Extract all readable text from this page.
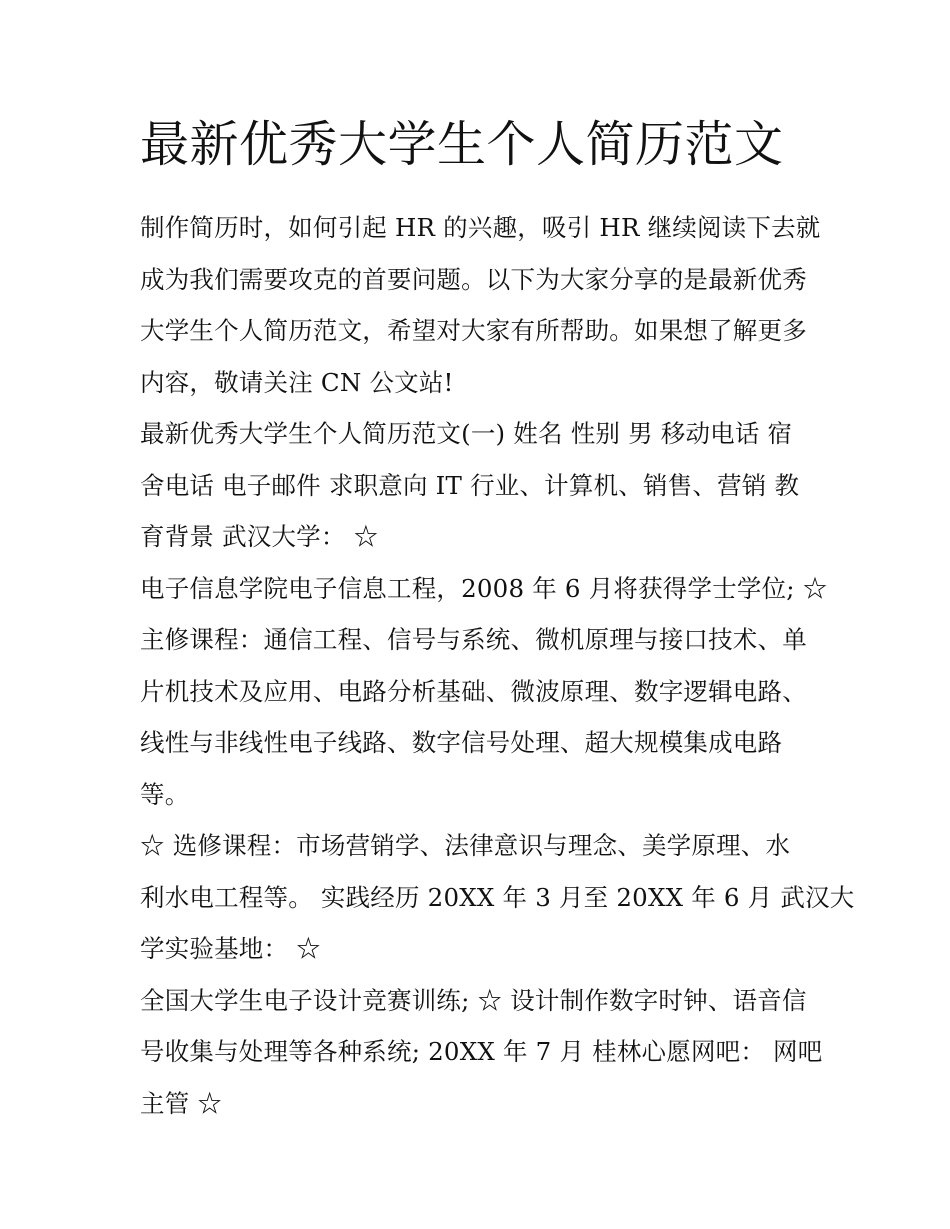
最新优秀大学生个人简历范文

制作简历时，如何引起 HR 的兴趣，吸引 HR 继续阅读下去就
成为我们需要攻克的首要问题。以下为大家分享的是最新优秀
大学生个人简历范文，希望对大家有所帮助。如果想了解更多
内容，敬请关注 CN 公文站!

最新优秀大学生个人简历范文(一) 姓名 性别 男 移动电话 宿
舍电话 电子邮件 求职意向 IT 行业、计算机、销售、营销 教
育背景 武汉大学： ☆

电子信息学院电子信息工程，2008 年 6 月将获得学士学位; ☆
主修课程：通信工程、信号与系统、微机原理与接口技术、单
片机技术及应用、电路分析基础、微波原理、数字逻辑电路、
线性与非线性电子线路、数字信号处理、超大规模集成电路
等。

☆ 选修课程：市场营销学、法律意识与理念、美学原理、水
利水电工程等。 实践经历 20XX 年 3 月至 20XX 年 6 月 武汉大
学实验基地： ☆

全国大学生电子设计竞赛训练; ☆ 设计制作数字时钟、语音信
号收集与处理等各种系统; 20XX 年 7 月 桂林心愿网吧： 网吧
主管 ☆
